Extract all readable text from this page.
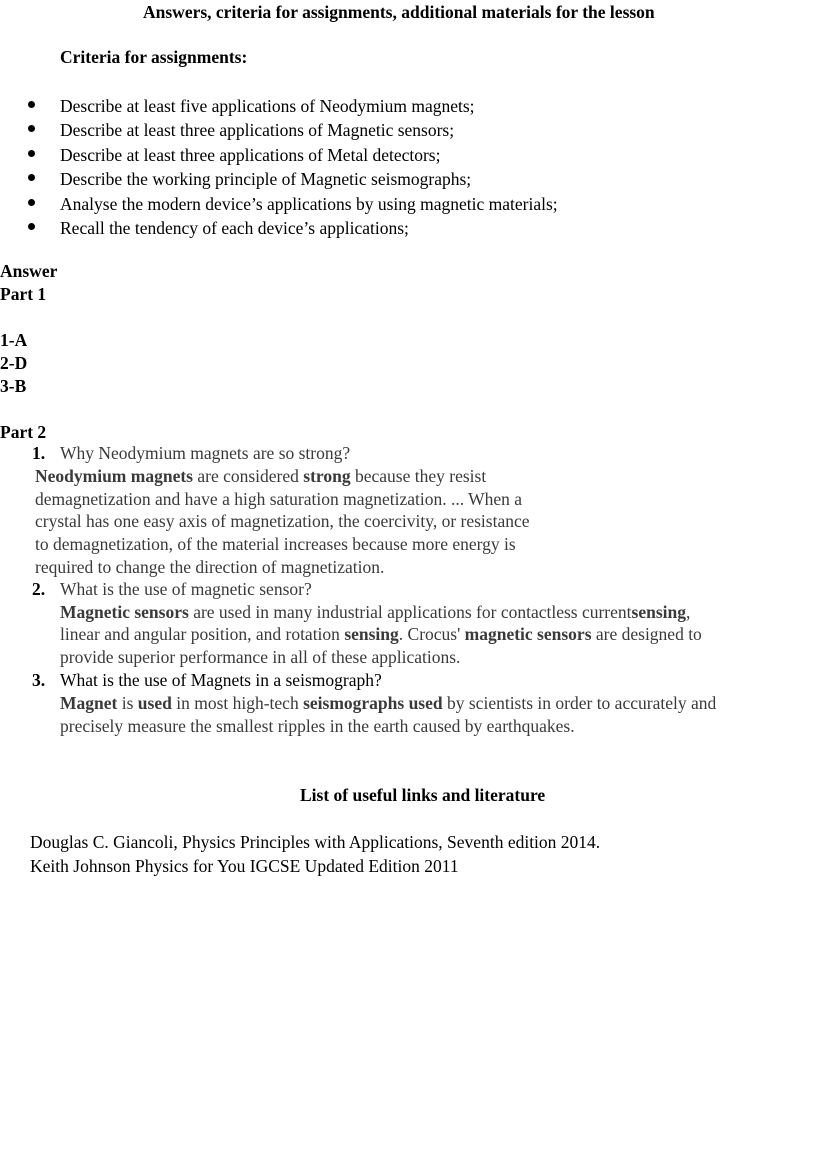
Answers, criteria for assignments, additional materials for the lesson
Criteria for assignments:
Describe at least five applications of Neodymium magnets;
Describe at least three applications of Magnetic sensors;
Describe at least three applications of Metal detectors;
Describe the working principle of Magnetic seismographs;
Analyse the modern device’s applications by using magnetic materials;
Recall the tendency of each device’s applications;
Answer
Part 1
1-A
2-D
3-B
Part 2
1. Why Neodymium magnets are so strong?
Neodymium magnets are considered strong because they resist
demagnetization and have a high saturation magnetization. ... When a
crystal has one easy axis of magnetization, the coercivity, or resistance
to demagnetization, of the material increases because more energy is
required to change the direction of magnetization.
2. What is the use of magnetic sensor?
Magnetic sensors are used in many industrial applications for contactless currentsensing,
linear and angular position, and rotation sensing. Crocus' magnetic sensors are designed to
provide superior performance in all of these applications.
3. What is the use of Magnets in a seismograph?
Magnet is used in most high-tech seismographs used by scientists in order to accurately and
precisely measure the smallest ripples in the earth caused by earthquakes.
List of useful links and literature
Douglas C. Giancoli, Physics Principles with Applications, Seventh edition 2014.
Keith Johnson Physics for You IGCSE Updated Edition 2011
